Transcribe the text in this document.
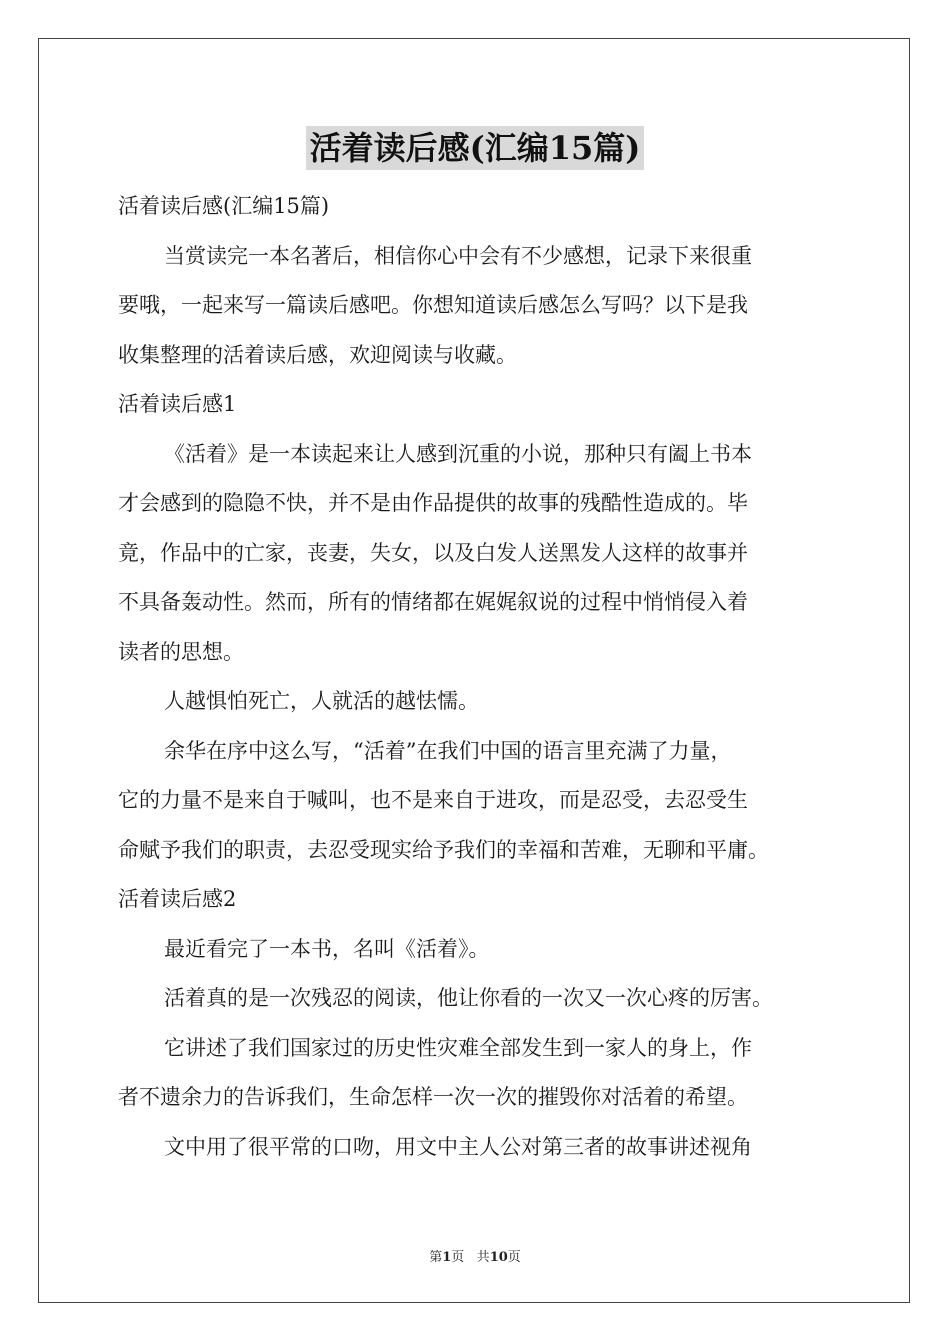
活着读后感(汇编15篇)
活着读后感(汇编15篇)
当赏读完一本名著后，相信你心中会有不少感想，记录下来很重
要哦，一起来写一篇读后感吧。你想知道读后感怎么写吗？以下是我
收集整理的活着读后感，欢迎阅读与收藏。
活着读后感1
《活着》是一本读起来让人感到沉重的小说，那种只有阖上书本
才会感到的隐隐不快，并不是由作品提供的故事的残酷性造成的。毕
竟，作品中的亡家，丧妻，失女，以及白发人送黑发人这样的故事并
不具备轰动性。然而，所有的情绪都在娓娓叙说的过程中悄悄侵入着
读者的思想。
人越惧怕死亡，人就活的越怯懦。
余华在序中这么写，“活着”在我们中国的语言里充满了力量，
它的力量不是来自于喊叫，也不是来自于进攻，而是忍受，去忍受生
命赋予我们的职责，去忍受现实给予我们的幸福和苦难，无聊和平庸。
活着读后感2
最近看完了一本书，名叫《活着》。
活着真的是一次残忍的阅读，他让你看的一次又一次心疼的厉害。
它讲述了我们国家过的历史性灾难全部发生到一家人的身上，作
者不遗余力的告诉我们，生命怎样一次一次的摧毁你对活着的希望。
文中用了很平常的口吻，用文中主人公对第三者的故事讲述视角
第1页 共10页
